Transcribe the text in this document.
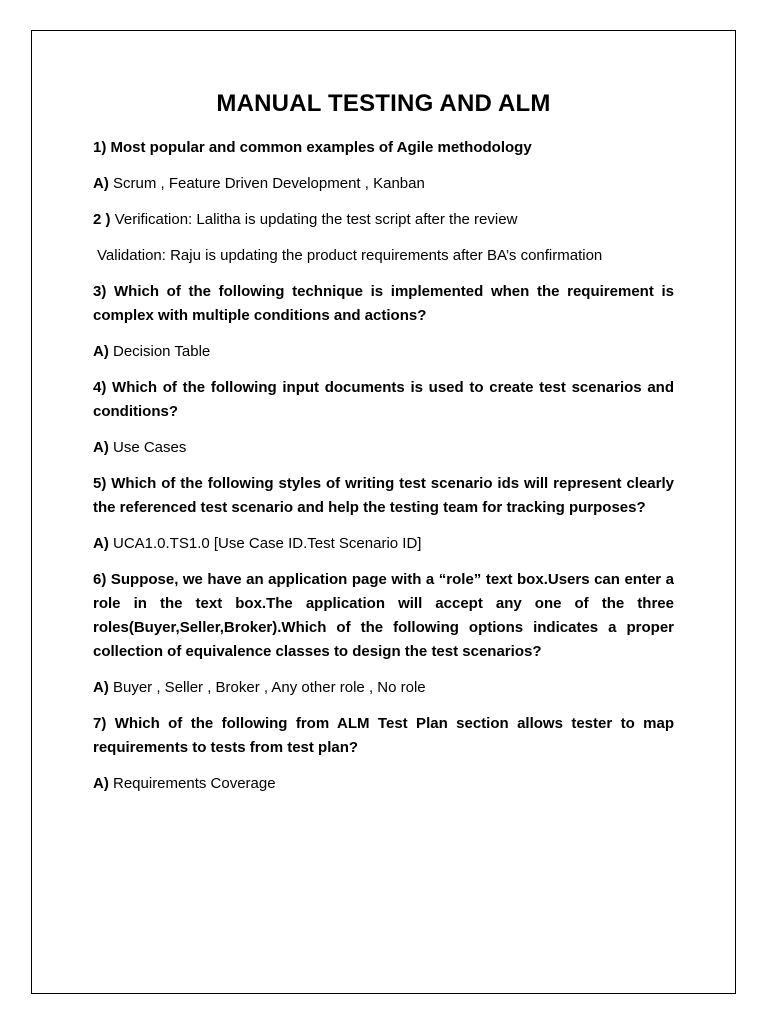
MANUAL TESTING AND ALM
1) Most popular and common examples of Agile methodology
A) Scrum , Feature Driven Development , Kanban
2 ) Verification: Lalitha is updating the test script after the review
Validation: Raju is updating the product requirements after BA’s confirmation
3) Which of the following technique is implemented when the requirement is complex with multiple conditions and actions?
A) Decision Table
4) Which of the following input documents is used to create test scenarios and conditions?
A) Use Cases
5) Which of the following styles of writing test scenario ids will represent clearly the referenced test scenario and help the testing team for tracking purposes?
A) UCA1.0.TS1.0 [Use Case ID.Test Scenario ID]
6) Suppose, we have an application page with a “role” text box.Users can enter a role in the text box.The application will accept any one of the three roles(Buyer,Seller,Broker).Which of the following options indicates a proper collection of equivalence classes to design the test scenarios?
A) Buyer , Seller , Broker , Any other role , No role
7) Which of the following from ALM Test Plan section allows tester to map requirements to tests from test plan?
A) Requirements Coverage
